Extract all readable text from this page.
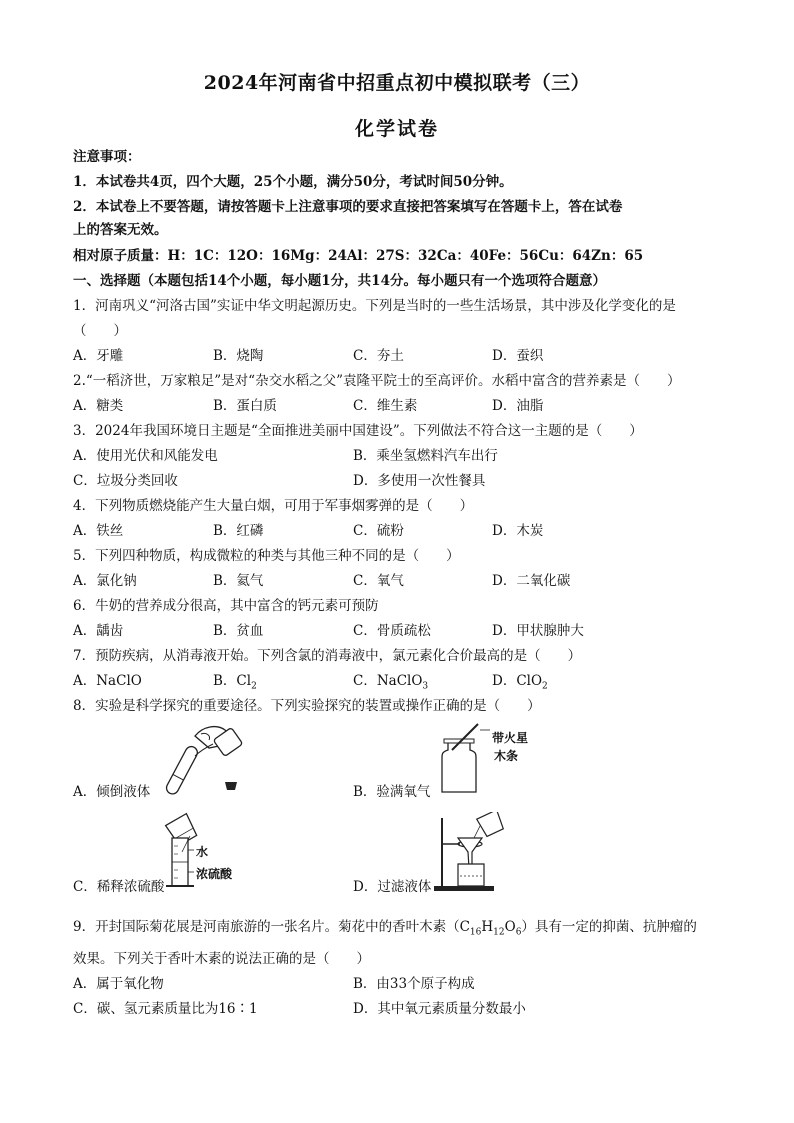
2024年河南省中招重点初中模拟联考（三）
化学试卷
注意事项：
1．本试卷共4页，四个大题，25个小题，满分50分，考试时间50分钟。
2．本试卷上不要答题，请按答题卡上注意事项的要求直接把答案填写在答题卡上，答在试卷
上的答案无效。
相对原子质量：H：1C：12O：16Mg：24Al：27S：32Ca：40Fe：56Cu：64Zn：65
一、选择题（本题包括14个小题，每小题1分，共14分。每小题只有一个选项符合题意）
1．河南巩义“河洛古国”实证中华文明起源历史。下列是当时的一些生活场景，其中涉及化学变化的是
（　　）
A．牙雕	B．烧陶	C．夯土	D．蚕织
2.“一稻济世，万家粮足”是对“杂交水稻之父”袁隆平院士的至高评价。水稻中富含的营养素是（　　）
A．糖类	B．蛋白质	C．维生素	D．油脂
3．2024年我国环境日主题是“全面推进美丽中国建设”。下列做法不符合这一主题的是（　　）
A．使用光伏和风能发电	B．乘坐氢燃料汽车出行
C．垃圾分类回收	D．多使用一次性餐具
4．下列物质燃烧能产生大量白烟，可用于军事烟雾弹的是（　　）
A．铁丝	B．红磷	C．硫粉	D．木炭
5．下列四种物质，构成微粒的种类与其他三种不同的是（　　）
A．氯化钠	B．氦气	C．氧气	D．二氧化碳
6．牛奶的营养成分很高，其中富含的钙元素可预防
A．龋齿	B．贫血	C．骨质疏松	D．甲状腺肿大
7．预防疾病，从消毒液开始。下列含氯的消毒液中，氯元素化合价最高的是（　　）
A．NaClO	B．$Cl_2$	C．NaClO$_3$	D．ClO$_2$
8．实验是科学探究的重要途径。下列实验探究的装置或操作正确的是（　　）
A．倾倒液体
带火星
木条
B．验满氧气
水
浓硫酸
C．稀释浓硫酸	D．过滤液体
9．开封国际菊花展是河南旅游的一张名片。菊花中的香叶木素$(C_{16}H_{12}O_6)$具有一定的抑菌、抗肿瘤的
效果。下列关于香叶木素的说法正确的是（　　）
A．属于氧化物	B．由33个原子构成
C．碳、氢元素质量比为16∶1	D．其中氧元素质量分数最小
